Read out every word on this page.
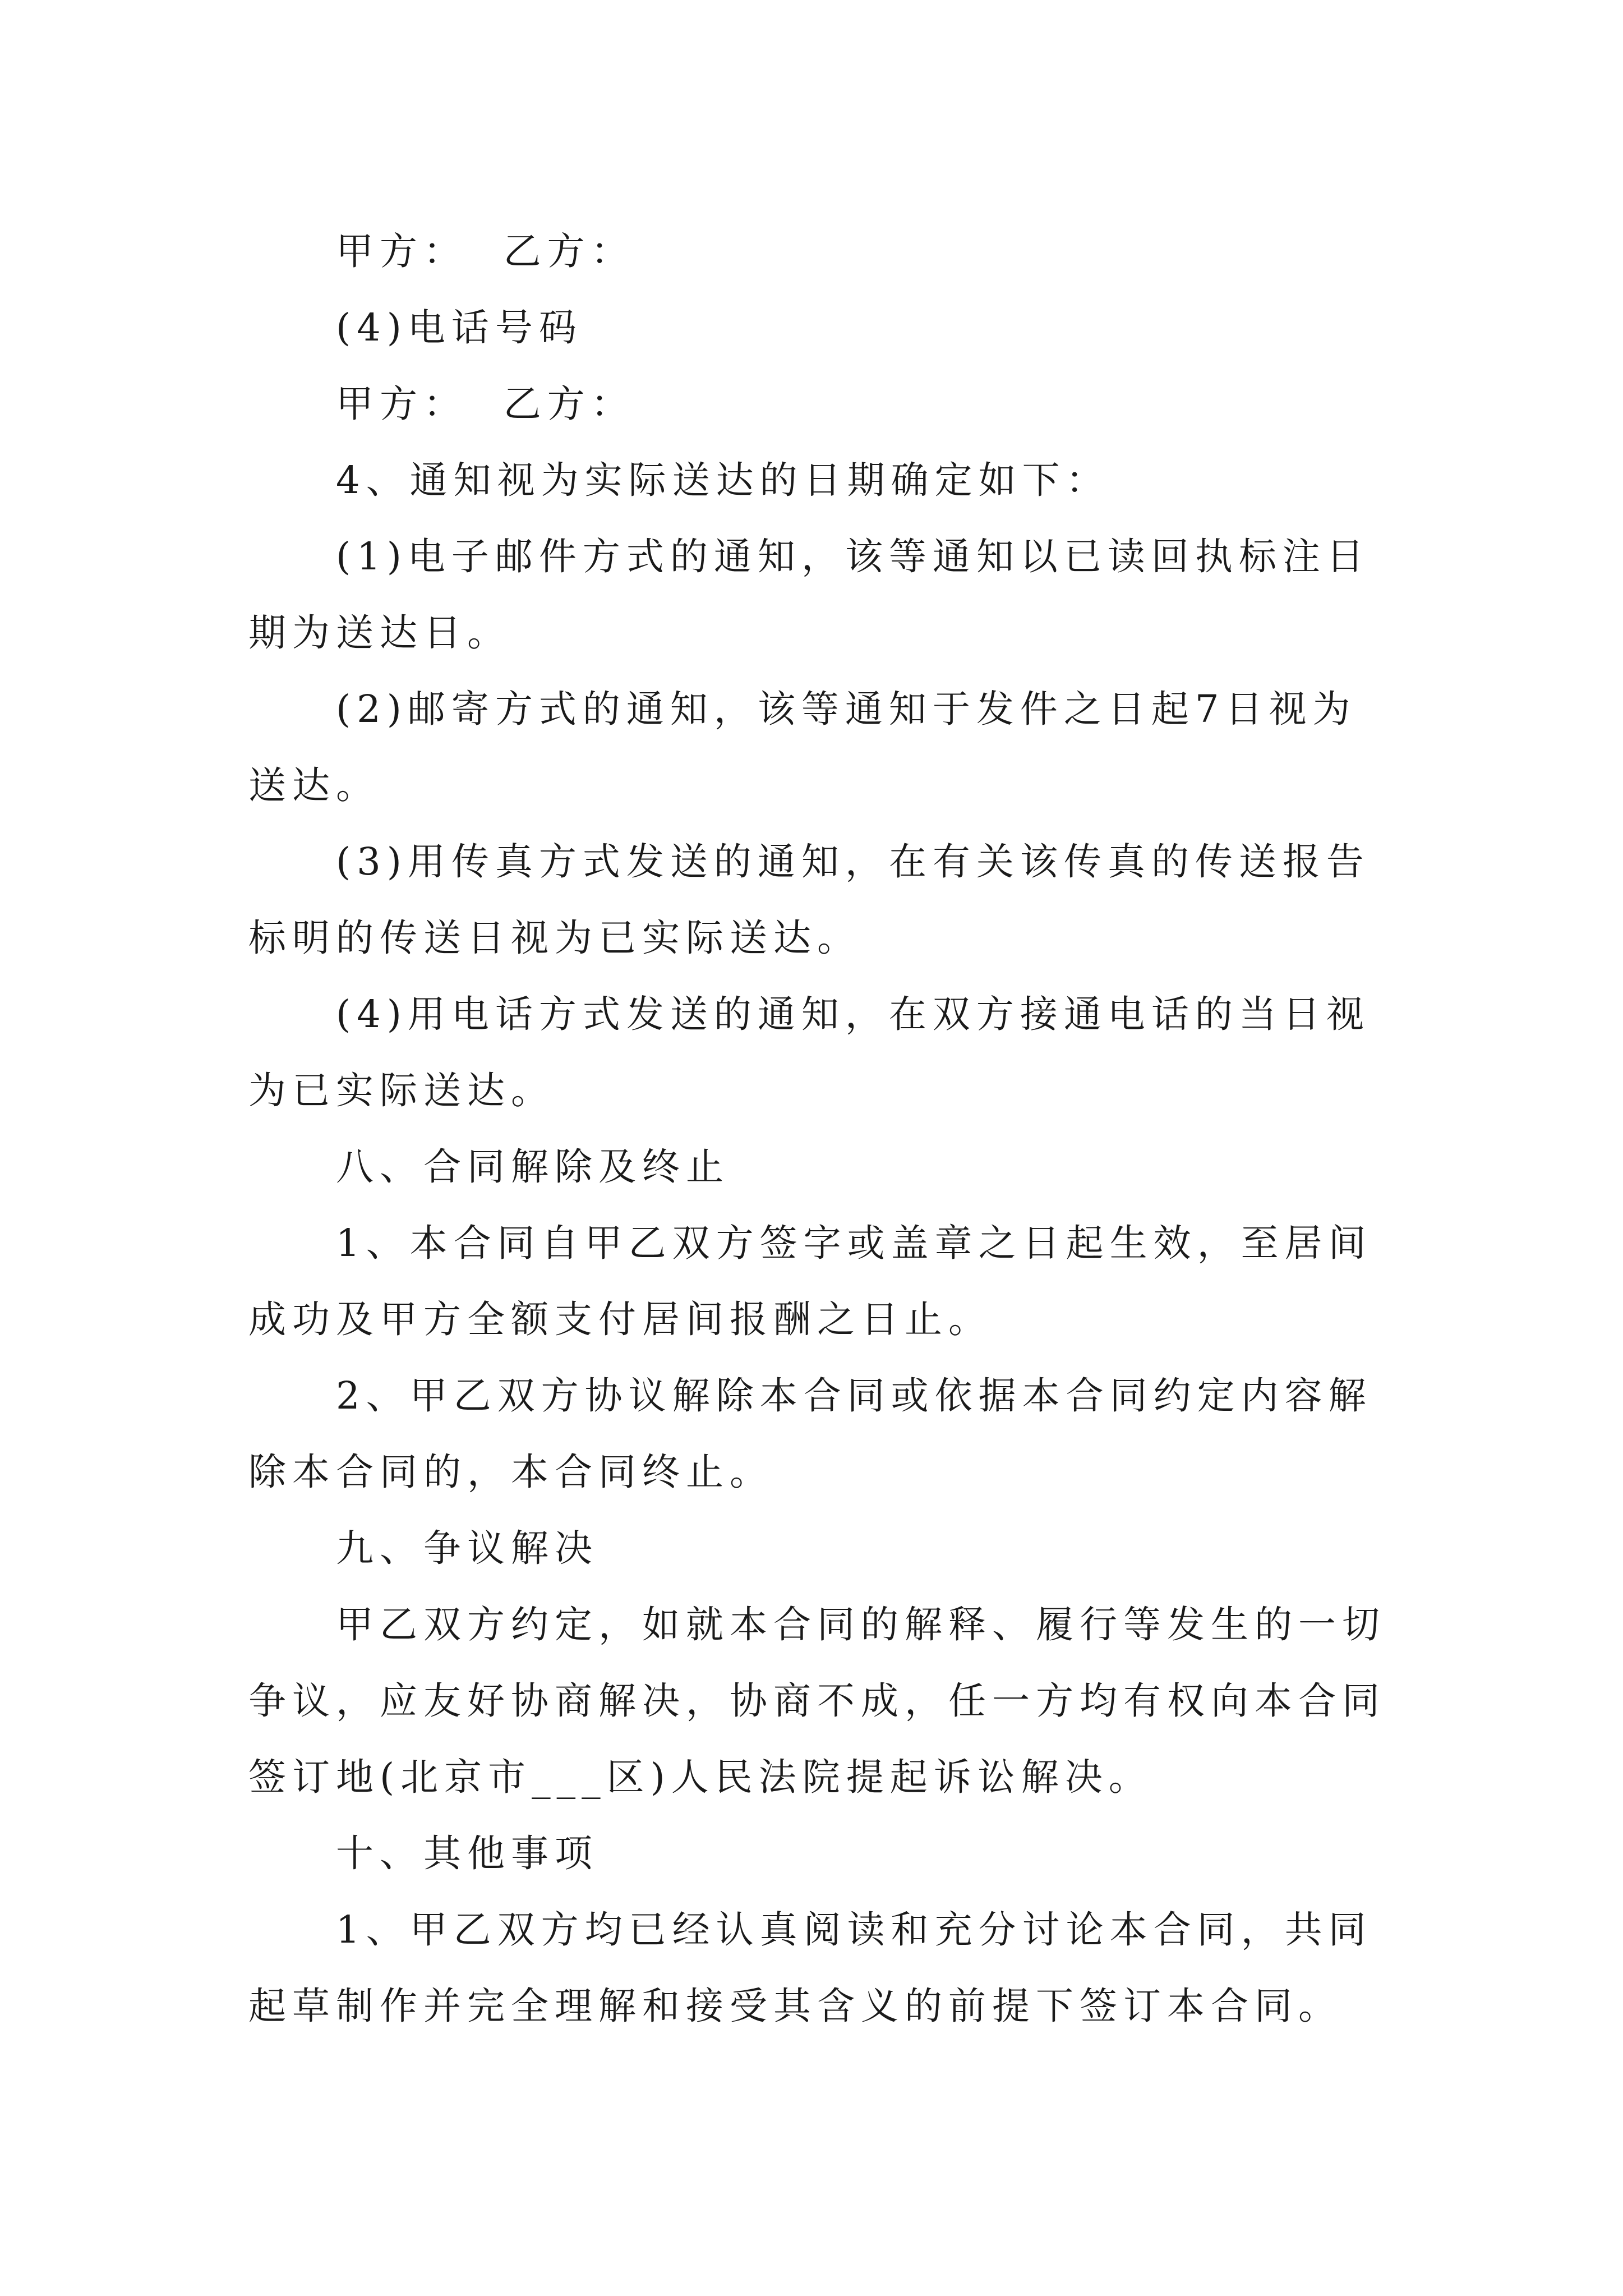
甲方：  乙方：

(4)电话号码

甲方：  乙方：

4、通知视为实际送达的日期确定如下：

(1)电子邮件方式的通知，该等通知以已读回执标注日期为送达日。

(2)邮寄方式的通知，该等通知于发件之日起7日视为送达。

(3)用传真方式发送的通知，在有关该传真的传送报告标明的传送日视为已实际送达。

(4)用电话方式发送的通知，在双方接通电话的当日视为已实际送达。

八、合同解除及终止

1、本合同自甲乙双方签字或盖章之日起生效，至居间成功及甲方全额支付居间报酬之日止。

2、甲乙双方协议解除本合同或依据本合同约定内容解除本合同的，本合同终止。

九、争议解决

甲乙双方约定，如就本合同的解释、履行等发生的一切争议，应友好协商解决，协商不成，任一方均有权向本合同签订地(北京市___区)人民法院提起诉讼解决。

十、其他事项

1、甲乙双方均已经认真阅读和充分讨论本合同，共同起草制作并完全理解和接受其含义的前提下签订本合同。
